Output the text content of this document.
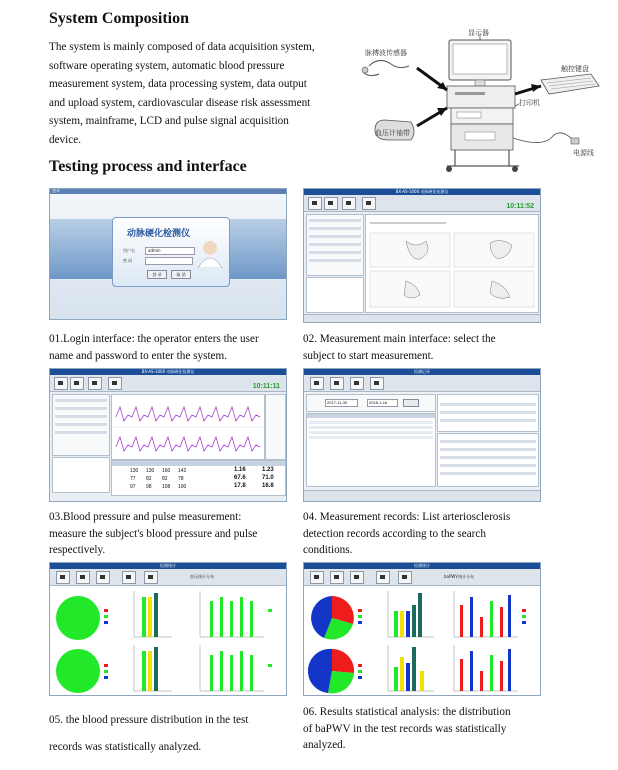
System Composition
The system is mainly composed of data acquisition system,
software operating system, automatic blood pressure
measurement system, data processing system, data output
and upload system, cardiovascular disease risk assessment
system, mainframe, LCD and pulse signal acquisition
device.
显示器
脉搏波传感器
触控键盘
打印机
血压计袖带
电源线
Testing process and interface
登录
动脉硬化检测仪
用户名	admin
密 码
登 录	取 消
01.Login interface: the operator enters the user
name and password to enter the system.
BX-AS-1000 动脉硬化检测仪
10:11:52
02. Measurement main interface: select the
subject to start measurement.
BX-AS-1000 动脉硬化检测仪
10:11:11
130 130 160 142	1.16	1.23
77 82 82 78	67.6	71.0
97 98 108 100	17.8	16.8
03.Blood pressure and pulse measurement:
measure the subject's blood pressure and pulse
respectively.
检测记录
2017-11-30	2018-1-16
04. Measurement records: List arteriosclerosis
detection records according to the search
conditions.
检测统计
血压统计分布
05. the blood pressure distribution in the test
records was statistically analyzed.
检测统计
baPWV统计分布
06. Results statistical analysis: the distribution
of baPWV in the test records was statistically
analyzed.
